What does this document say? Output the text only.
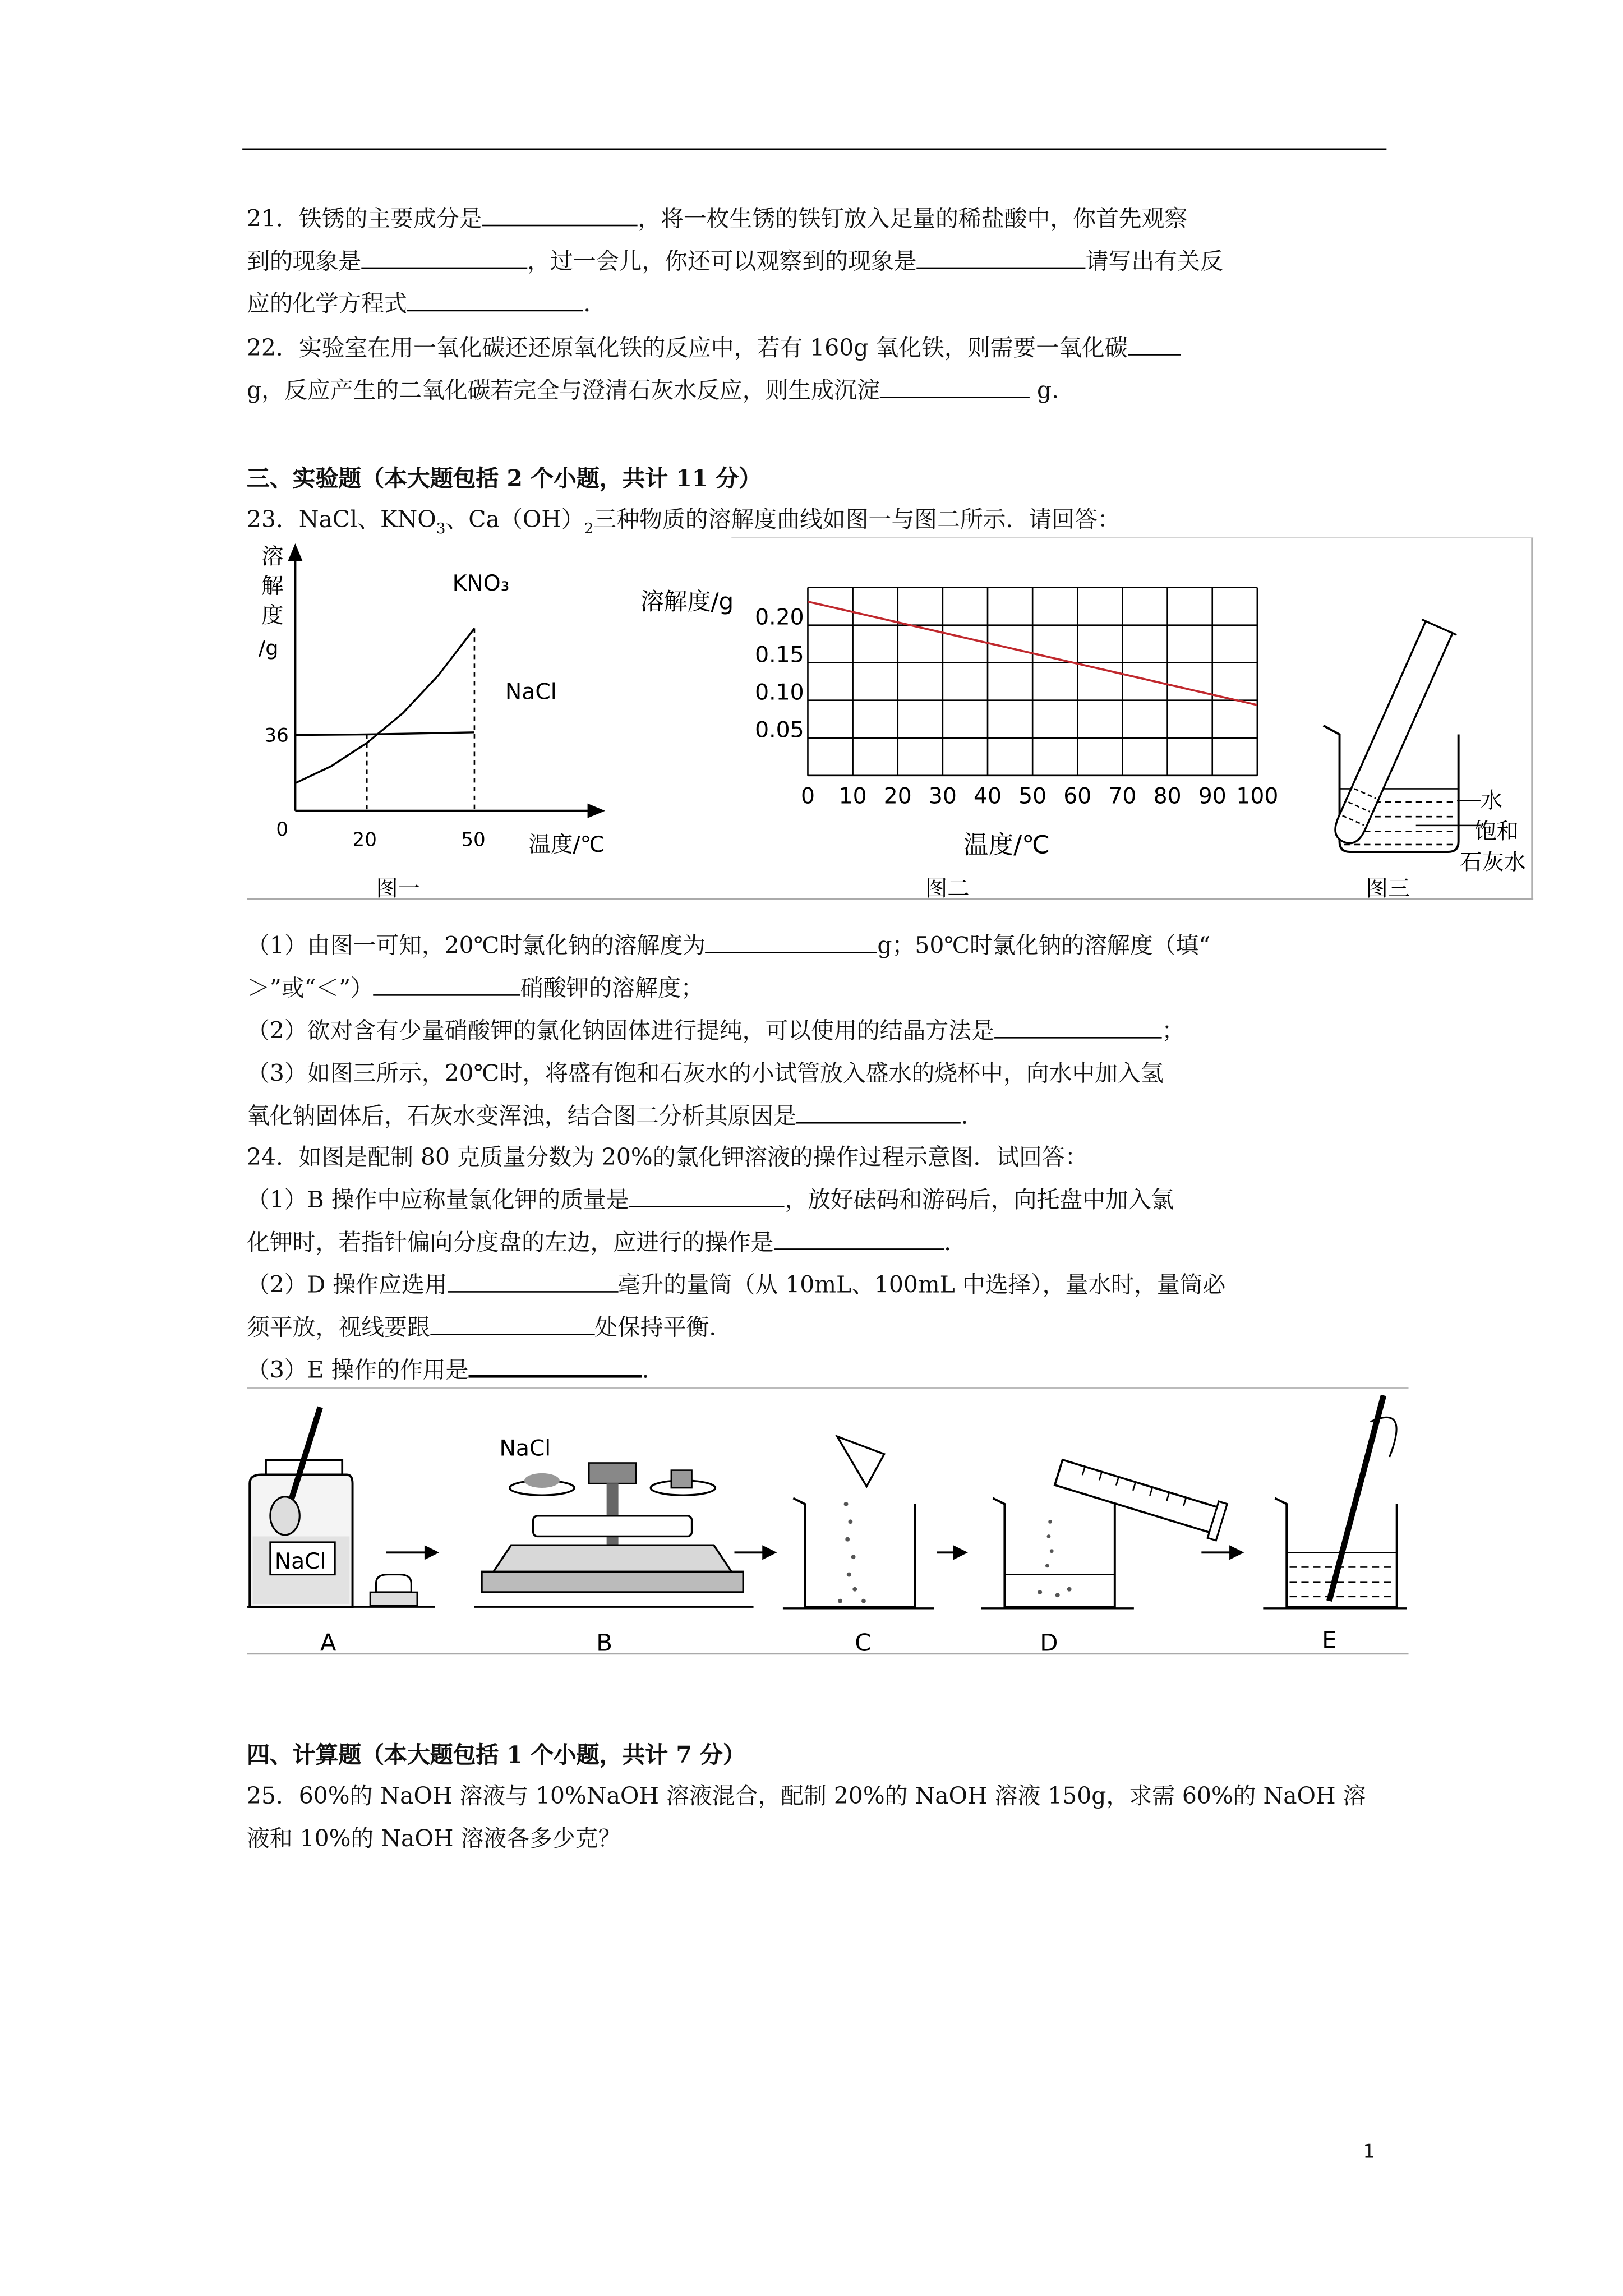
21．铁锈的主要成分是	，将一枚生锈的铁钉放入足量的稀盐酸中，你首先观察
到的现象是	，过一会儿，你还可以观察到的现象是	请写出有关反
应的化学方程式	.
22．实验室在用一氧化碳还还原氧化铁的反应中，若有 160g 氧化铁，则需要一氧化碳
g，反应产生的二氧化碳若完全与澄清石灰水反应，则生成沉淀	g.
三、实验题（本大题包括 2 个小题，共计 11 分）
23．NaCl、$KNO_3$、$Ca(OH)_2$三种物质的溶解度曲线如图一与图二所示．请回答：
溶
解
度
/g
36
0	20	50	温度/℃
KNO₃
NaCl
图一
0.05
0.10
0.15
0.20
0	10 20 30 40 50 60 70 80 90 100
溶解度/g
温度/℃
图二
水
饱和
石灰水
图三
（1）由图一可知，20℃时氯化钠的溶解度为	g；50℃时氯化钠的溶解度（填“
＞”或“＜”）	硝酸钾的溶解度；
（2）欲对含有少量硝酸钾的氯化钠固体进行提纯，可以使用的结晶方法是	；
（3）如图三所示，20℃时，将盛有饱和石灰水的小试管放入盛水的烧杯中，向水中加入氢
氧化钠固体后，石灰水变浑浊，结合图二分析其原因是	.
24．如图是配制 80 克质量分数为 20%的氯化钾溶液的操作过程示意图．试回答：
（1）B 操作中应称量氯化钾的质量是	，放好砝码和游码后，向托盘中加入氯
化钾时，若指针偏向分度盘的左边，应进行的操作是	.
（2）D 操作应选用	毫升的量筒（从 10mL、100mL 中选择），量水时，量筒必
须平放，视线要跟	处保持平衡.
（3）E 操作的作用是	.
NaCl
NaCl
A	B	C	D	E
四、计算题（本大题包括 1 个小题，共计 7 分）
25．60%的 NaOH 溶液与 10%NaOH 溶液混合，配制 20%的 NaOH 溶液 150g，求需 60%的 NaOH 溶
液和 10%的 NaOH 溶液各多少克？
1
